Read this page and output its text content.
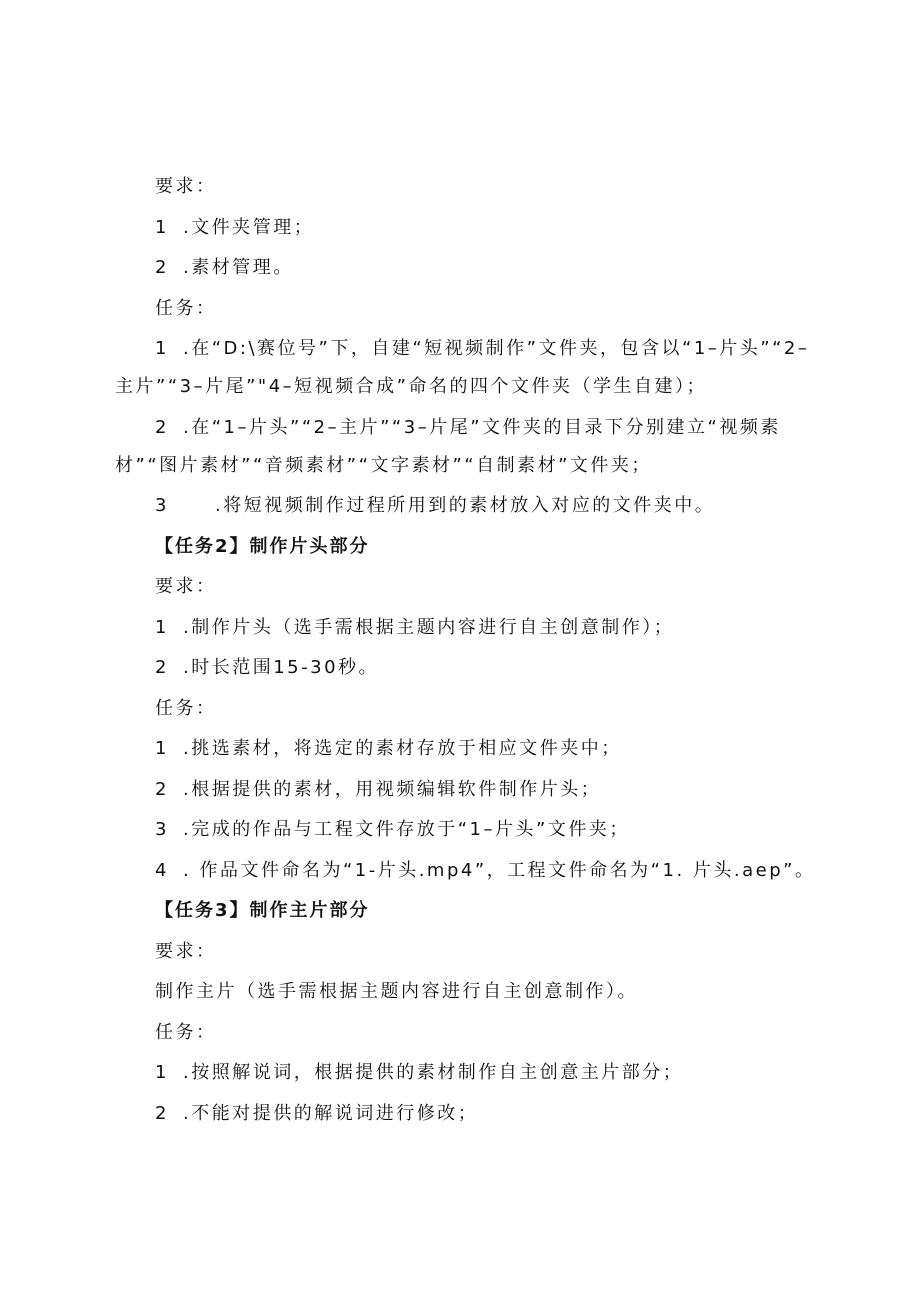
要求：
1 .文件夹管理；
2 .素材管理。
任务：
1 .在“D:\赛位号”下，自建“短视频制作”文件夹，包含以“1–片头”“2–
主片”“3–片尾”"4–短视频合成”命名的四个文件夹（学生自建）；
2 .在“1–片头”“2–主片”“3–片尾”文件夹的目录下分别建立“视频素
材”“图片素材”“音频素材”“文字素材”“自制素材”文件夹；
3	.将短视频制作过程所用到的素材放入对应的文件夹中。
【任务2】制作片头部分
要求：
1 .制作片头（选手需根据主题内容进行自主创意制作）；
2 .时长范围15-30秒。
任务：
1 .挑选素材，将选定的素材存放于相应文件夹中；
2 .根据提供的素材，用视频编辑软件制作片头；
3 .完成的作品与工程文件存放于“1–片头”文件夹；
4 . 作品文件命名为“1-片头.mp4”，工程文件命名为“1. 片头.aep”。
【任务3】制作主片部分
要求：
制作主片（选手需根据主题内容进行自主创意制作）。
任务：
1 .按照解说词，根据提供的素材制作自主创意主片部分；
2 .不能对提供的解说词进行修改；
